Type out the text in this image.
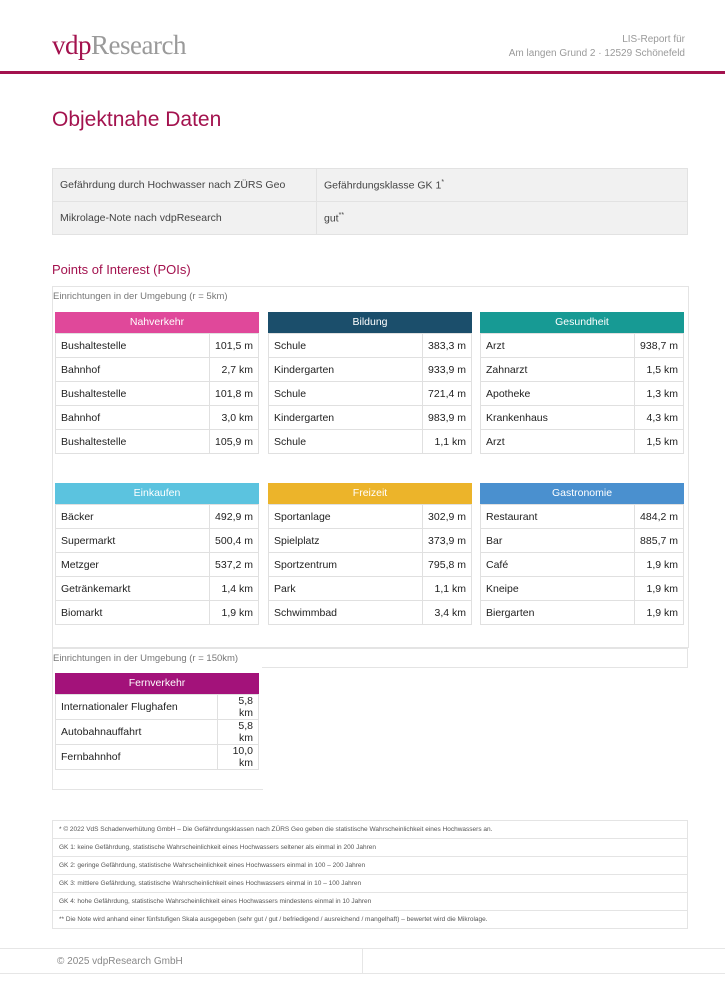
vdpResearch	LIS-Report für
Am langen Grund 2 · 12529 Schönefeld
Objektnahe Daten
Gefährdung durch Hochwasser nach ZÜRS Geo	Gefährdungsklasse GK 1*
Mikrolage-Note nach vdpResearch	gut**
Points of Interest (POIs)
Einrichtungen in der Umgebung (r = 5km)
Einrichtungen in der Umgebung (r = 150km)
Nahverkehr
Bushaltestelle	101,5 m
Bahnhof	2,7 km
Bushaltestelle	101,8 m
Bahnhof	3,0 km
Bushaltestelle	105,9 m
Bildung
Schule	383,3 m
Kindergarten	933,9 m
Schule	721,4 m
Kindergarten	983,9 m
Schule	1,1 km
Gesundheit
Arzt	938,7 m
Zahnarzt	1,5 km
Apotheke	1,3 km
Krankenhaus	4,3 km
Arzt	1,5 km
Einkaufen
Bäcker	492,9 m
Supermarkt	500,4 m
Metzger	537,2 m
Getränkemarkt	1,4 km
Biomarkt	1,9 km
Freizeit
Sportanlage	302,9 m
Spielplatz	373,9 m
Sportzentrum	795,8 m
Park	1,1 km
Schwimmbad	3,4 km
Gastronomie
Restaurant	484,2 m
Bar	885,7 m
Café	1,9 km
Kneipe	1,9 km
Biergarten	1,9 km
Fernverkehr
Internationaler Flughafen	5,8 km
Autobahnauffahrt	5,8 km
Fernbahnhof	10,0 km
* © 2022 VdS Schadenverhütung GmbH – Die Gefährdungsklassen nach ZÜRS Geo geben die statistische Wahrscheinlichkeit eines Hochwassers an.
GK 1: keine Gefährdung, statistische Wahrscheinlichkeit eines Hochwassers seltener als einmal in 200 Jahren
GK 2: geringe Gefährdung, statistische Wahrscheinlichkeit eines Hochwassers einmal in 100 – 200 Jahren
GK 3: mittlere Gefährdung, statistische Wahrscheinlichkeit eines Hochwassers einmal in 10 – 100 Jahren
GK 4: hohe Gefährdung, statistische Wahrscheinlichkeit eines Hochwassers mindestens einmal in 10 Jahren
** Die Note wird anhand einer fünfstufigen Skala ausgegeben (sehr gut / gut / befriedigend / ausreichend / mangelhaft) – bewertet wird die Mikrolage.
© 2025 vdpResearch GmbH
